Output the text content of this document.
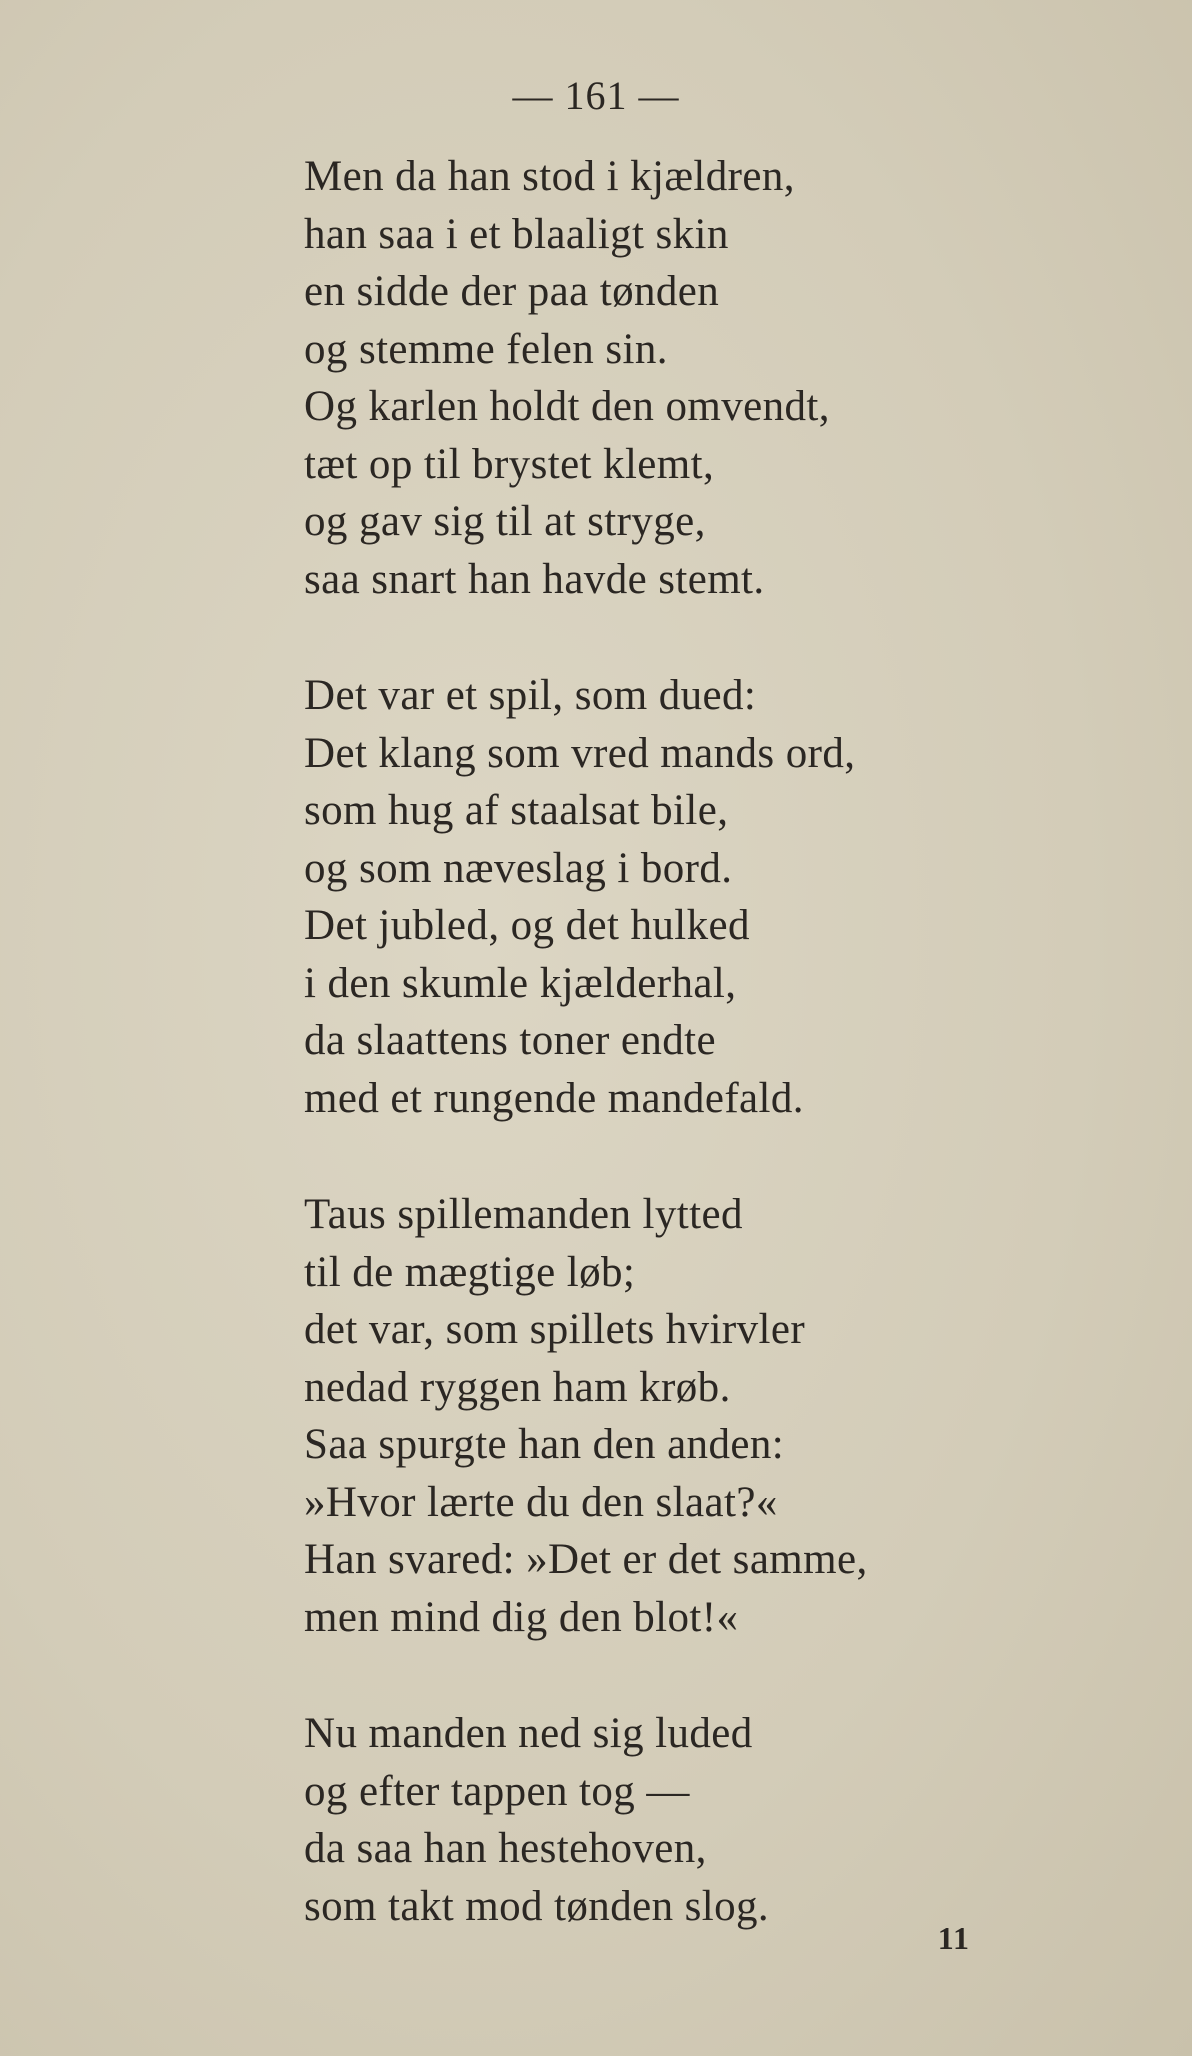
— 161 —
Men da han stod i kjældren,
han saa i et blaaligt skin
en sidde der paa tønden
og stemme felen sin.
Og karlen holdt den omvendt,
tæt op til brystet klemt,
og gav sig til at stryge,
saa snart han havde stemt.
Det var et spil, som dued:
Det klang som vred mands ord,
som hug af staalsat bile,
og som næveslag i bord.
Det jubled, og det hulked
i den skumle kjælderhal,
da slaattens toner endte
med et rungende mandefald.
Taus spillemanden lytted
til de mægtige løb;
det var, som spillets hvirvler
nedad ryggen ham krøb.
Saa spurgte han den anden:
»Hvor lærte du den slaat?«
Han svared: »Det er det samme,
men mind dig den blot!«
Nu manden ned sig luded
og efter tappen tog —
da saa han hestehoven,
som takt mod tønden slog.
11
